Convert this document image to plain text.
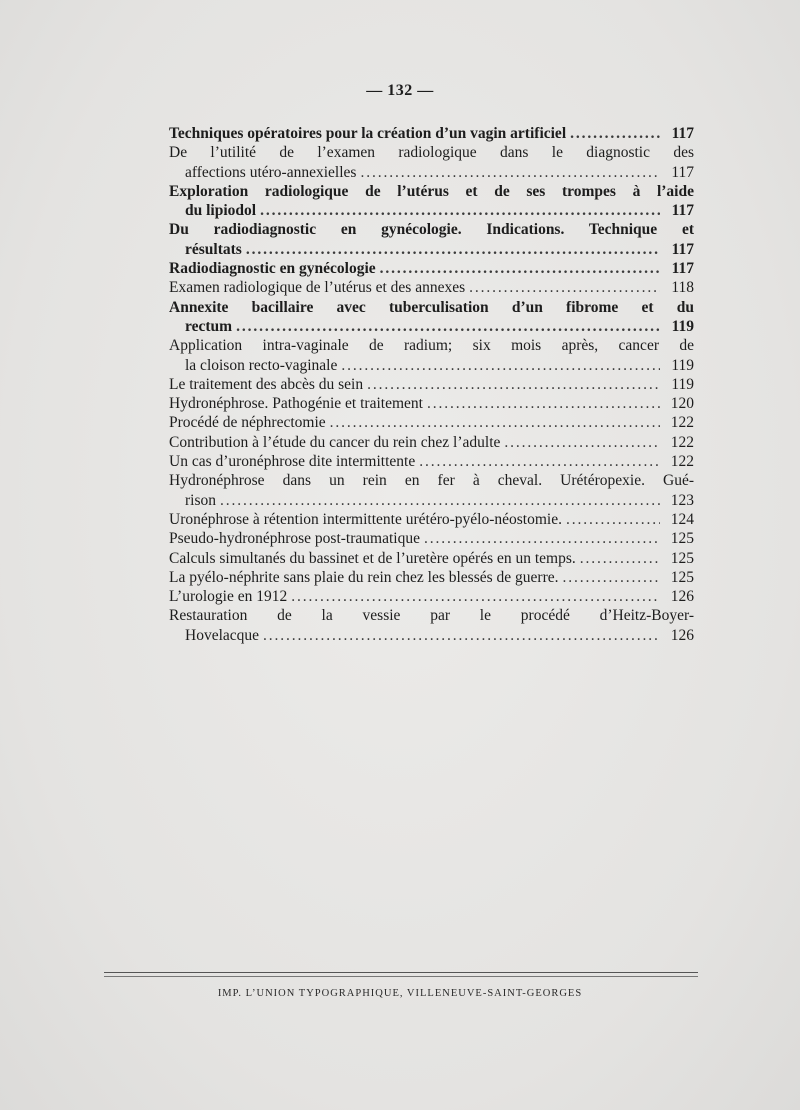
— 132 —
Techniques opératoires pour la création d’un vagin artificiel . . .	117
De l’utilité de l’examen radiologique dans le diagnostic des
affections utéro-annexielles . . .	117
Exploration radiologique de l’utérus et de ses trompes à l’aide
du lipiodol . . .	117
Du radiodiagnostic en gynécologie. Indications. Technique et
résultats . . .	117
Radiodiagnostic en gynécologie . . .	117
Examen radiologique de l’utérus et des annexes . . .	118
Annexite bacillaire avec tuberculisation d’un fibrome et du
rectum . . .	119
Application intra-vaginale de radium; six mois après, cancer de
la cloison recto-vaginale . . .	119
Le traitement des abcès du sein . . .	119
Hydronéphrose. Pathogénie et traitement . . .	120
Procédé de néphrectomie . . .	122
Contribution à l’étude du cancer du rein chez l’adulte . . .	122
Un cas d’uronéphrose dite intermittente . . .	122
Hydronéphrose dans un rein en fer à cheval. Urétéropexie. Gué-
rison . . .	123
Uronéphrose à rétention intermittente urétéro-pyélo-néostomie. . . .	124
Pseudo-hydronéphrose post-traumatique . . .	125
Calculs simultanés du bassinet et de l’uretère opérés en un temps. . . .	125
La pyélo-néphrite sans plaie du rein chez les blessés de guerre. . . .	125
L’urologie en 1912 . . .	126
Restauration de la vessie par le procédé d’Heitz-Boyer-
Hovelacque . . .	126
IMP. L’UNION TYPOGRAPHIQUE, VILLENEUVE-SAINT-GEORGES
